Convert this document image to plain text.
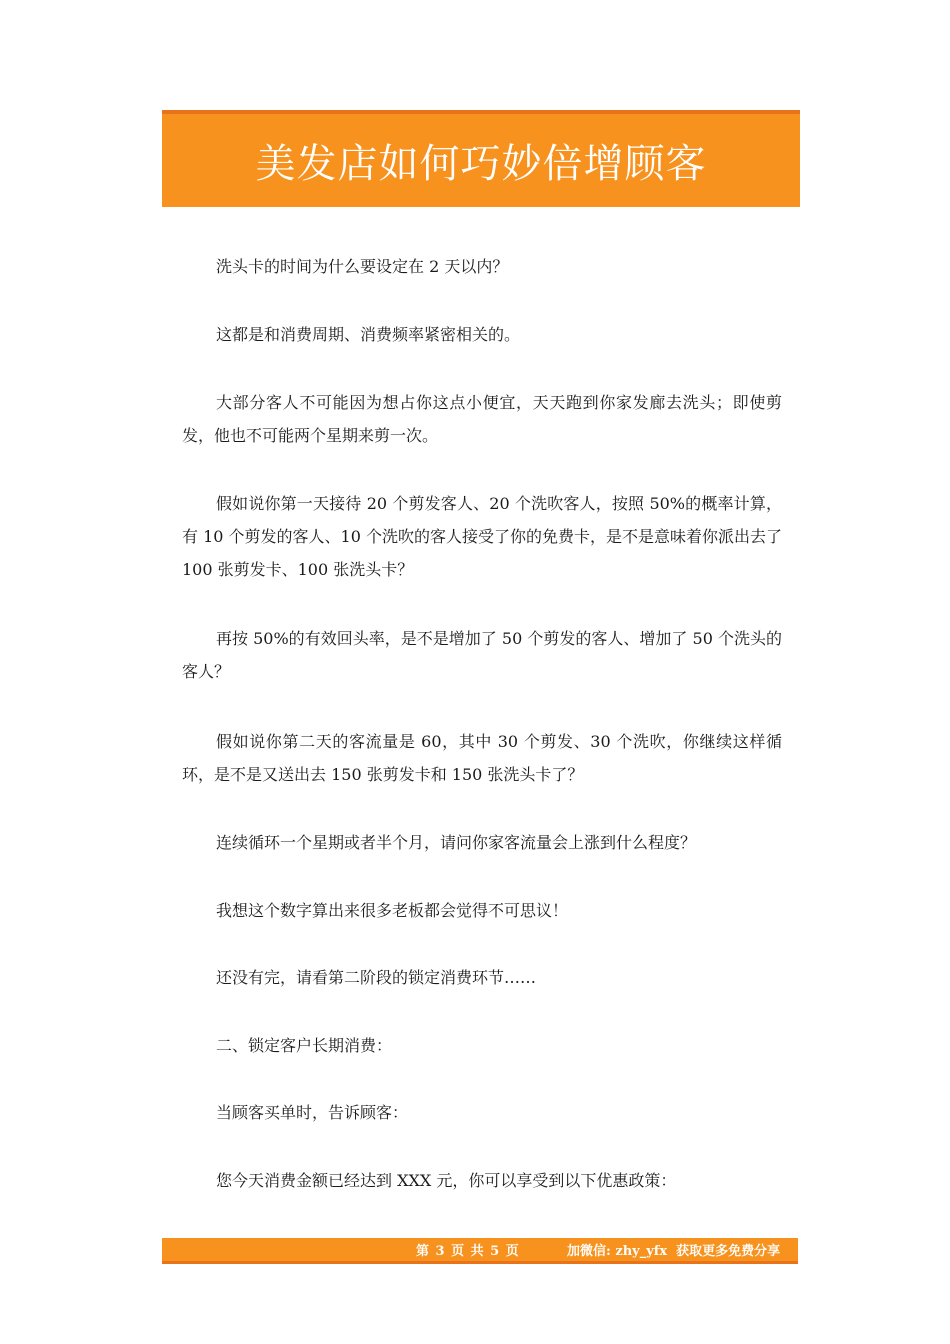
美发店如何巧妙倍增顾客

洗头卡的时间为什么要设定在 2 天以内？

这都是和消费周期、消费频率紧密相关的。

大部分客人不可能因为想占你这点小便宜，天天跑到你家发廊去洗头；即使剪发，他也不可能两个星期来剪一次。

假如说你第一天接待 20 个剪发客人、20 个洗吹客人，按照 50%的概率计算，有 10 个剪发的客人、10 个洗吹的客人接受了你的免费卡，是不是意味着你派出去了 100 张剪发卡、100 张洗头卡？

再按 50%的有效回头率，是不是增加了 50 个剪发的客人、增加了 50 个洗头的客人？

假如说你第二天的客流量是 60，其中 30 个剪发、30 个洗吹，你继续这样循环，是不是又送出去 150 张剪发卡和 150 张洗头卡了？

连续循环一个星期或者半个月，请问你家客流量会上涨到什么程度？

我想这个数字算出来很多老板都会觉得不可思议！

还没有完，请看第二阶段的锁定消费环节……

二、锁定客户长期消费：

当顾客买单时，告诉顾客：

您今天消费金额已经达到 XXX 元，你可以享受到以下优惠政策：

第 3 页 共 5 页	加微信: zhy_yfx  获取更多免费分享
